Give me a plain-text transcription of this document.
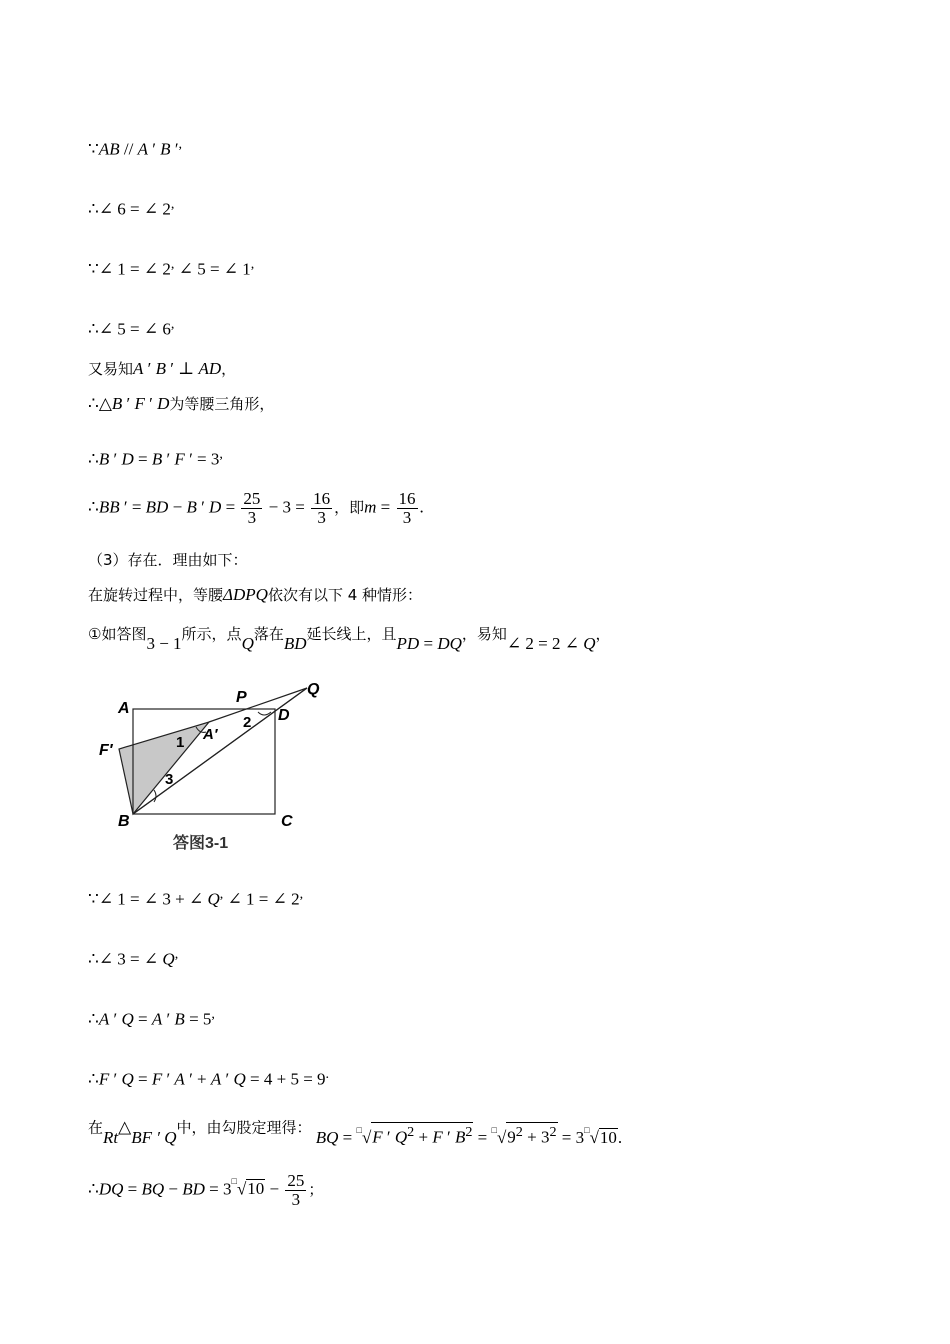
∵AB // A ′ B ′,
∴∠ 6 = ∠ 2,
∵∠ 1 = ∠ 2, ∠ 5 = ∠ 1,
∴∠ 5 = ∠ 6,
又易知A ′ B ′ ⊥ AD，
∴△B ′ F ′ D为等腰三角形，
∴B ′ D = B ′ F ′ = 3,
∴BB ′ = BD − B ′ $D = \frac{25}{3} - 3 = \frac{16}{3}$ ，即$m = \frac{16}{3}$ .
（3）存在．理由如下：
在旋转过程中，等腰ΔDPQ依次有以下 4 种情形：
①如答图3 − 1所示，点Q落在BD延长线上，且PD = DQ，易知∠ 2 = 2 ∠ Q，
A
P	Q
D
F′
A′
B	C
1
2
3
答图3-1
∵∠ 1 = ∠ 3 + ∠ Q, ∠ 1 = ∠ 2,
∴∠ 3 = ∠ Q,
∴A ′ Q = A ′ B = 5,
∴F ′ Q = F ′ A ′ + A ′ Q = 4 + 5 = 9.
在Rt△BF ′ Q中，由勾股定理得： BQ = □√F ′ $Q^2 + F$ ′ $B^2$ = $□√9^2 + 3^2$ = 3□√10.
∴DQ = BQ − BD = 3□√10 − $\frac{25}{3}$ ；
